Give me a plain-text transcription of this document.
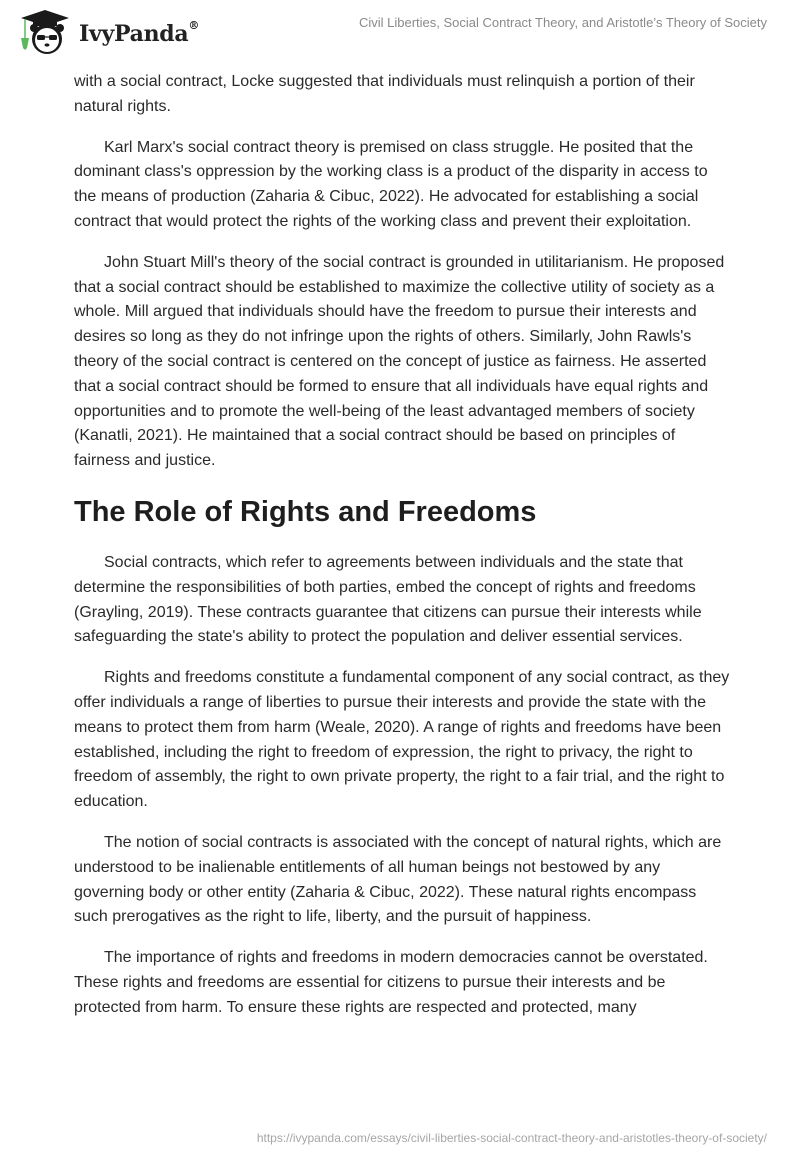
IvyPanda®	Civil Liberties, Social Contract Theory, and Aristotle’s Theory of Society

with a social contract, Locke suggested that individuals must relinquish a portion of their natural rights.

Karl Marx's social contract theory is premised on class struggle. He posited that the dominant class's oppression by the working class is a product of the disparity in access to the means of production (Zaharia & Cibuc, 2022). He advocated for establishing a social contract that would protect the rights of the working class and prevent their exploitation.

John Stuart Mill's theory of the social contract is grounded in utilitarianism. He proposed that a social contract should be established to maximize the collective utility of society as a whole. Mill argued that individuals should have the freedom to pursue their interests and desires so long as they do not infringe upon the rights of others. Similarly, John Rawls's theory of the social contract is centered on the concept of justice as fairness. He asserted that a social contract should be formed to ensure that all individuals have equal rights and opportunities and to promote the well-being of the least advantaged members of society (Kanatli, 2021). He maintained that a social contract should be based on principles of fairness and justice.

The Role of Rights and Freedoms

Social contracts, which refer to agreements between individuals and the state that determine the responsibilities of both parties, embed the concept of rights and freedoms (Grayling, 2019). These contracts guarantee that citizens can pursue their interests while safeguarding the state's ability to protect the population and deliver essential services.

Rights and freedoms constitute a fundamental component of any social contract, as they offer individuals a range of liberties to pursue their interests and provide the state with the means to protect them from harm (Weale, 2020). A range of rights and freedoms have been established, including the right to freedom of expression, the right to privacy, the right to freedom of assembly, the right to own private property, the right to a fair trial, and the right to education.

The notion of social contracts is associated with the concept of natural rights, which are understood to be inalienable entitlements of all human beings not bestowed by any governing body or other entity (Zaharia & Cibuc, 2022). These natural rights encompass such prerogatives as the right to life, liberty, and the pursuit of happiness.

The importance of rights and freedoms in modern democracies cannot be overstated. These rights and freedoms are essential for citizens to pursue their interests and be protected from harm. To ensure these rights are respected and protected, many

https://ivypanda.com/essays/civil-liberties-social-contract-theory-and-aristotles-theory-of-society/
